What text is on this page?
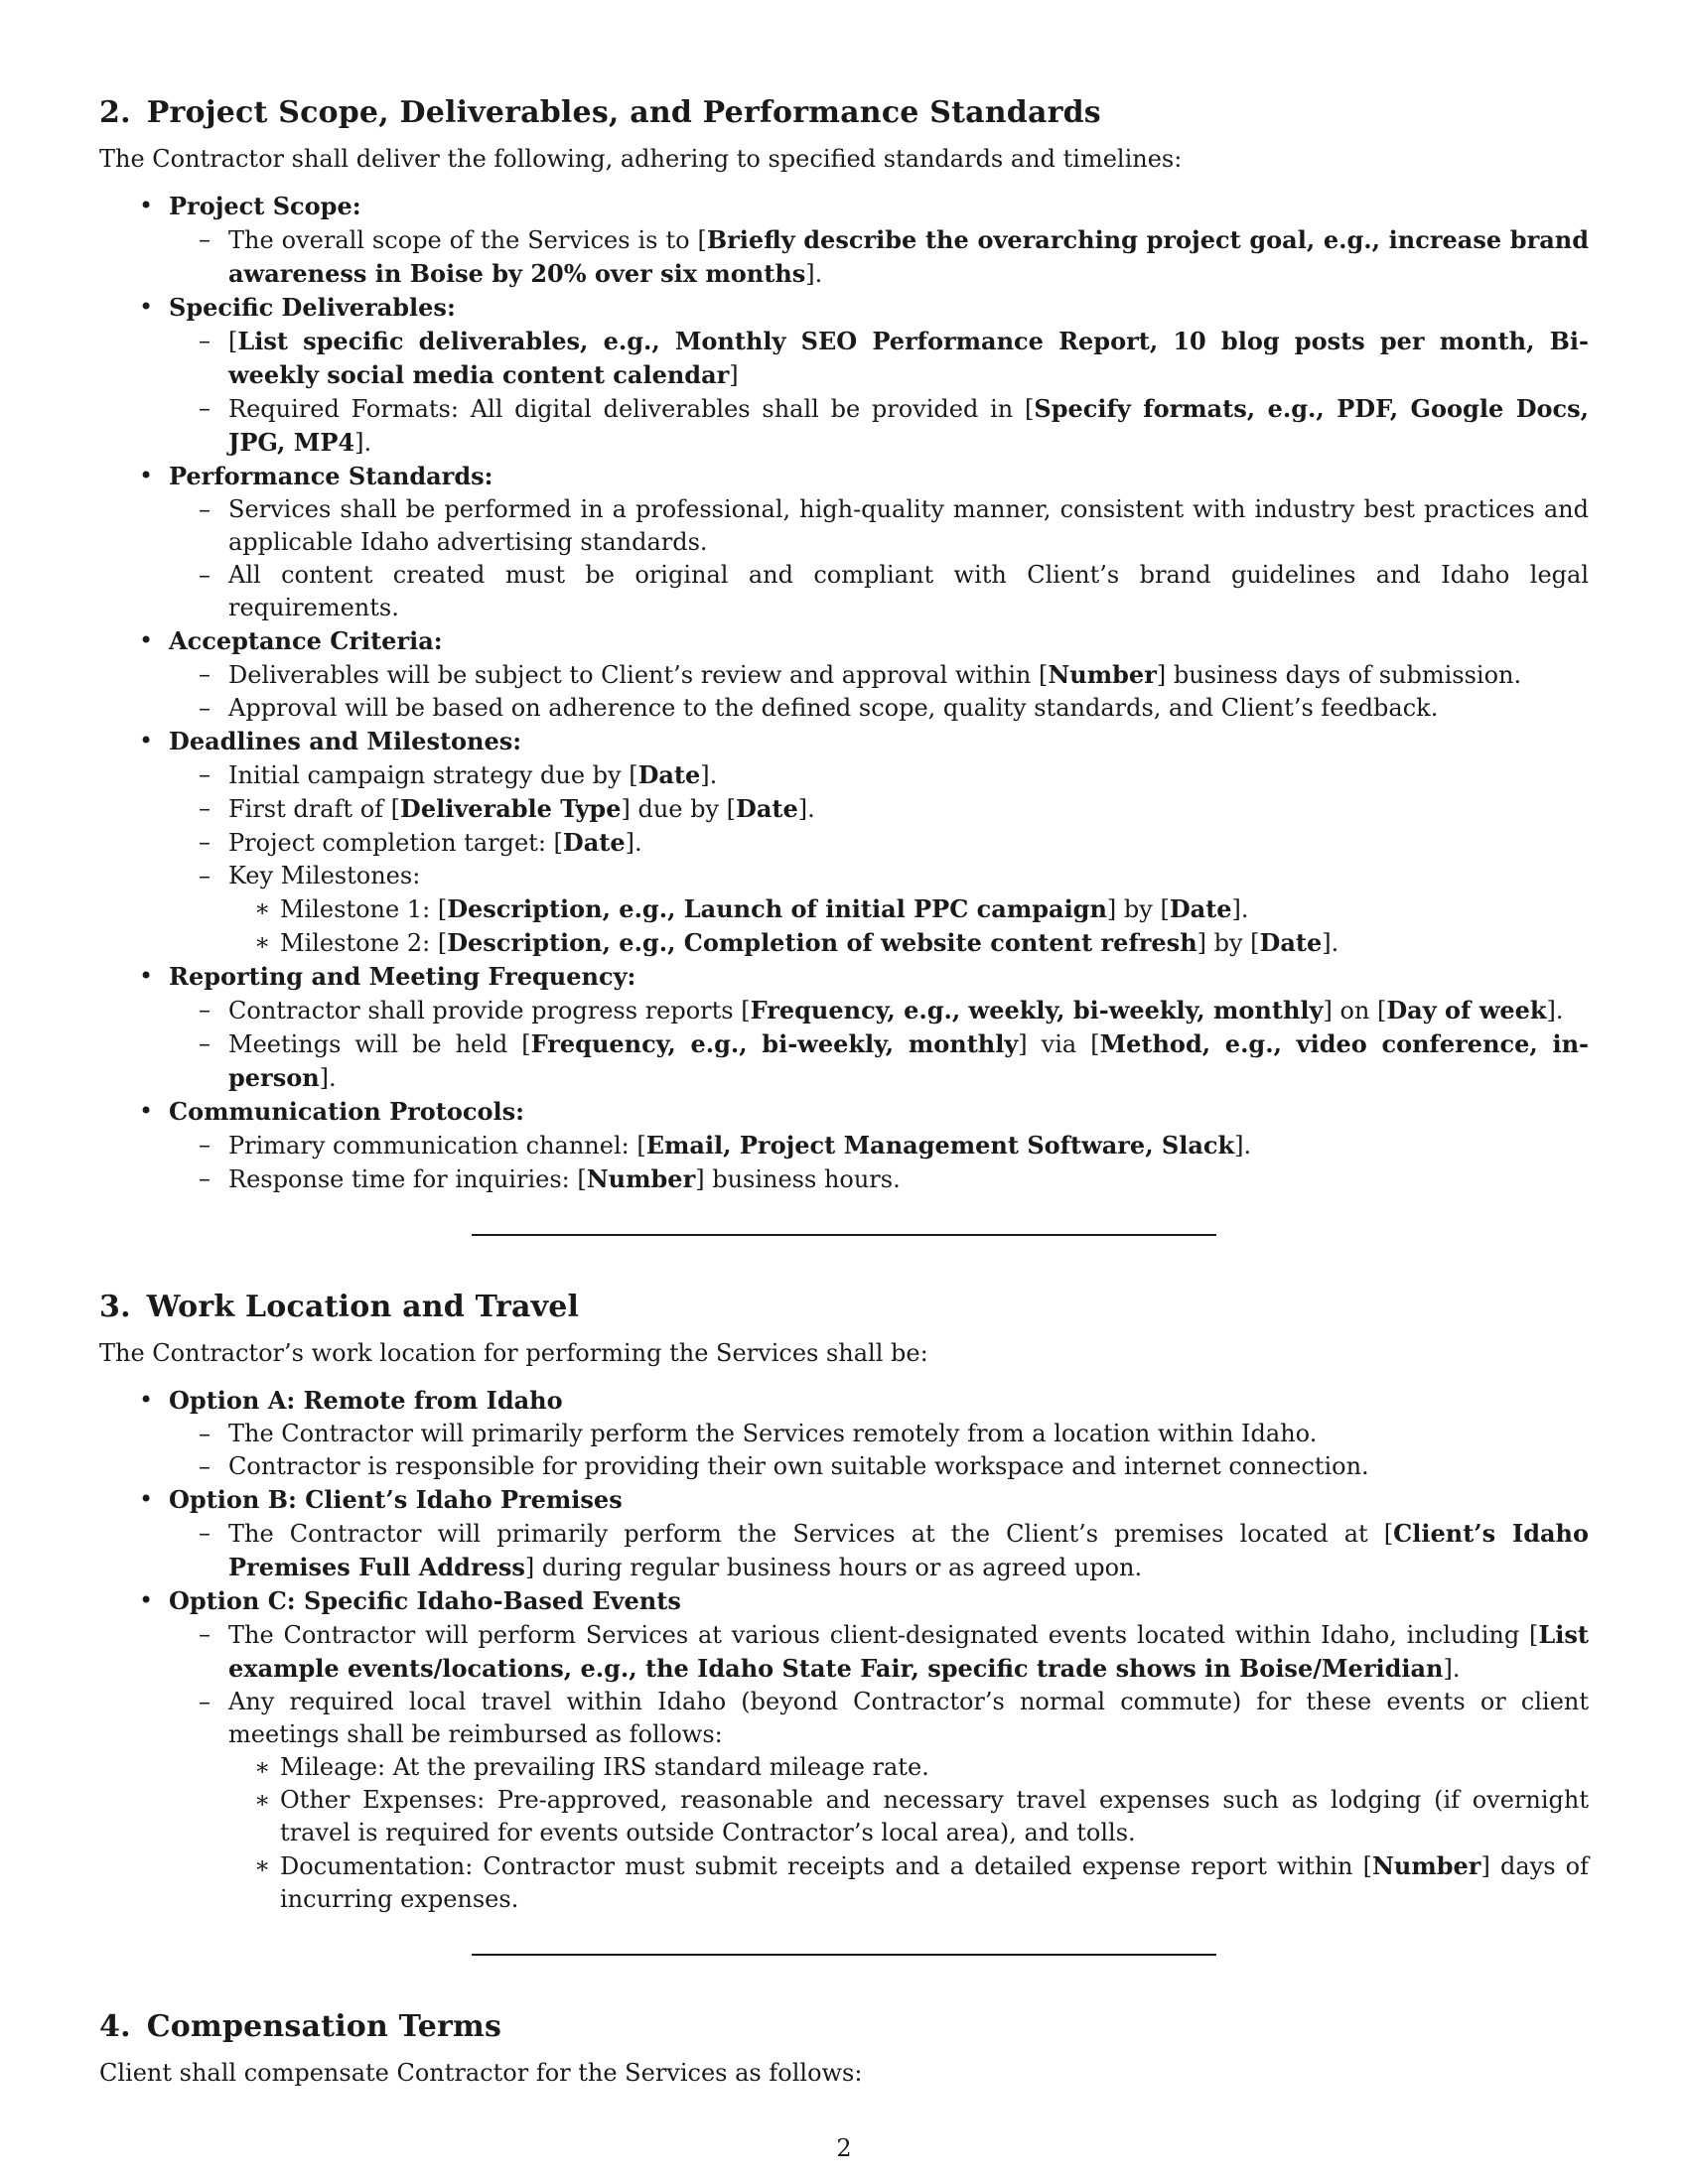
2. Project Scope, Deliverables, and Performance Standards

The Contractor shall deliver the following, adhering to specified standards and timelines:

• Project Scope:
– The overall scope of the Services is to [Briefly describe the overarching project goal, e.g., increase brand awareness in Boise by 20% over six months].
• Specific Deliverables:
– [List specific deliverables, e.g., Monthly SEO Performance Report, 10 blog posts per month, Bi-weekly social media content calendar]
– Required Formats: All digital deliverables shall be provided in [Specify formats, e.g., PDF, Google Docs, JPG, MP4].
• Performance Standards:
– Services shall be performed in a professional, high-quality manner, consistent with industry best practices and applicable Idaho advertising standards.
– All content created must be original and compliant with Client’s brand guidelines and Idaho legal requirements.
• Acceptance Criteria:
– Deliverables will be subject to Client’s review and approval within [Number] business days of submission.
– Approval will be based on adherence to the defined scope, quality standards, and Client’s feedback.
• Deadlines and Milestones:
– Initial campaign strategy due by [Date].
– First draft of [Deliverable Type] due by [Date].
– Project completion target: [Date].
– Key Milestones:
∗ Milestone 1: [Description, e.g., Launch of initial PPC campaign] by [Date].
∗ Milestone 2: [Description, e.g., Completion of website content refresh] by [Date].
• Reporting and Meeting Frequency:
– Contractor shall provide progress reports [Frequency, e.g., weekly, bi-weekly, monthly] on [Day of week].
– Meetings will be held [Frequency, e.g., bi-weekly, monthly] via [Method, e.g., video conference, in-person].
• Communication Protocols:
– Primary communication channel: [Email, Project Management Software, Slack].
– Response time for inquiries: [Number] business hours.
3. Work Location and Travel

The Contractor’s work location for performing the Services shall be:

• Option A: Remote from Idaho
– The Contractor will primarily perform the Services remotely from a location within Idaho.
– Contractor is responsible for providing their own suitable workspace and internet connection.
• Option B: Client’s Idaho Premises
– The Contractor will primarily perform the Services at the Client’s premises located at [Client’s Idaho Premises Full Address] during regular business hours or as agreed upon.
• Option C: Specific Idaho-Based Events
– The Contractor will perform Services at various client-designated events located within Idaho, including [List example events/locations, e.g., the Idaho State Fair, specific trade shows in Boise/Meridian].
– Any required local travel within Idaho (beyond Contractor’s normal commute) for these events or client meetings shall be reimbursed as follows:
∗ Mileage: At the prevailing IRS standard mileage rate.
∗ Other Expenses: Pre-approved, reasonable and necessary travel expenses such as lodging (if overnight travel is required for events outside Contractor’s local area), and tolls.
∗ Documentation: Contractor must submit receipts and a detailed expense report within [Number] days of incurring expenses.
4. Compensation Terms

Client shall compensate Contractor for the Services as follows:

2
